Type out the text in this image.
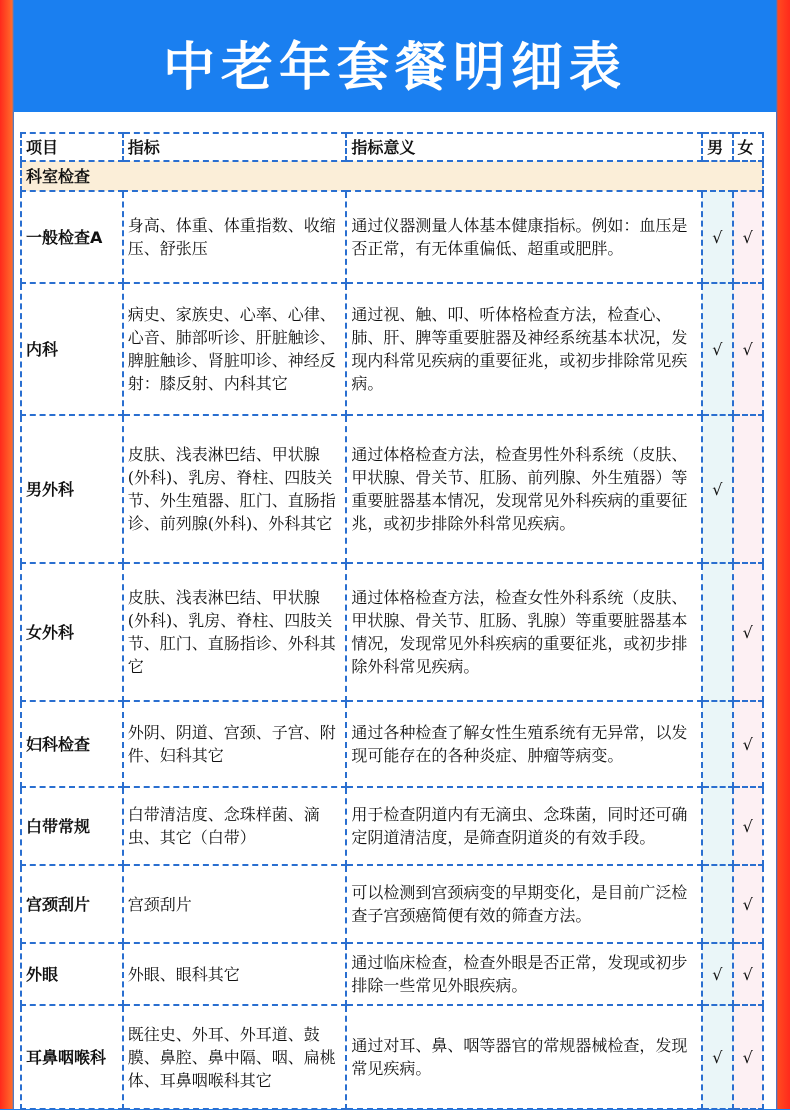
中老年套餐明细表
项目	指标	指标意义	男	女
科室检查				
一般检查A	身高、体重、体重指数、收缩压、舒张压	通过仪器测量人体基本健康指标。例如：血压是否正常，有无体重偏低、超重或肥胖。	√	√
内科	病史、家族史、心率、心律、心音、肺部听诊、肝脏触诊、脾脏触诊、肾脏叩诊、神经反射：膝反射、内科其它	通过视、触、叩、听体格检查方法，检查心、肺、肝、脾等重要脏器及神经系统基本状况，发现内科常见疾病的重要征兆，或初步排除常见疾病。	√	√
男外科	皮肤、浅表淋巴结、甲状腺(外科)、乳房、脊柱、四肢关节、外生殖器、肛门、直肠指诊、前列腺(外科)、外科其它	通过体格检查方法，检查男性外科系统（皮肤、甲状腺、骨关节、肛肠、前列腺、外生殖器）等重要脏器基本情况，发现常见外科疾病的重要征兆，或初步排除外科常见疾病。	√	
女外科	皮肤、浅表淋巴结、甲状腺(外科)、乳房、脊柱、四肢关节、肛门、直肠指诊、外科其它	通过体格检查方法，检查女性外科系统（皮肤、甲状腺、骨关节、肛肠、乳腺）等重要脏器基本情况，发现常见外科疾病的重要征兆，或初步排除外科常见疾病。		√
妇科检查	外阴、阴道、宫颈、子宫、附件、妇科其它	通过各种检查了解女性生殖系统有无异常，以发现可能存在的各种炎症、肿瘤等病变。		√
白带常规	白带清洁度、念珠样菌、滴虫、其它（白带）	用于检查阴道内有无滴虫、念珠菌，同时还可确定阴道清洁度，是筛查阴道炎的有效手段。		√
宫颈刮片	宫颈刮片	可以检测到宫颈病变的早期变化，是目前广泛检查子宫颈癌简便有效的筛查方法。		√
外眼	外眼、眼科其它	通过临床检查，检查外眼是否正常，发现或初步排除一些常见外眼疾病。	√	√
耳鼻咽喉科	既往史、外耳、外耳道、鼓膜、鼻腔、鼻中隔、咽、扁桃体、耳鼻咽喉科其它	通过对耳、鼻、咽等器官的常规器械检查，发现常见疾病。	√	√
